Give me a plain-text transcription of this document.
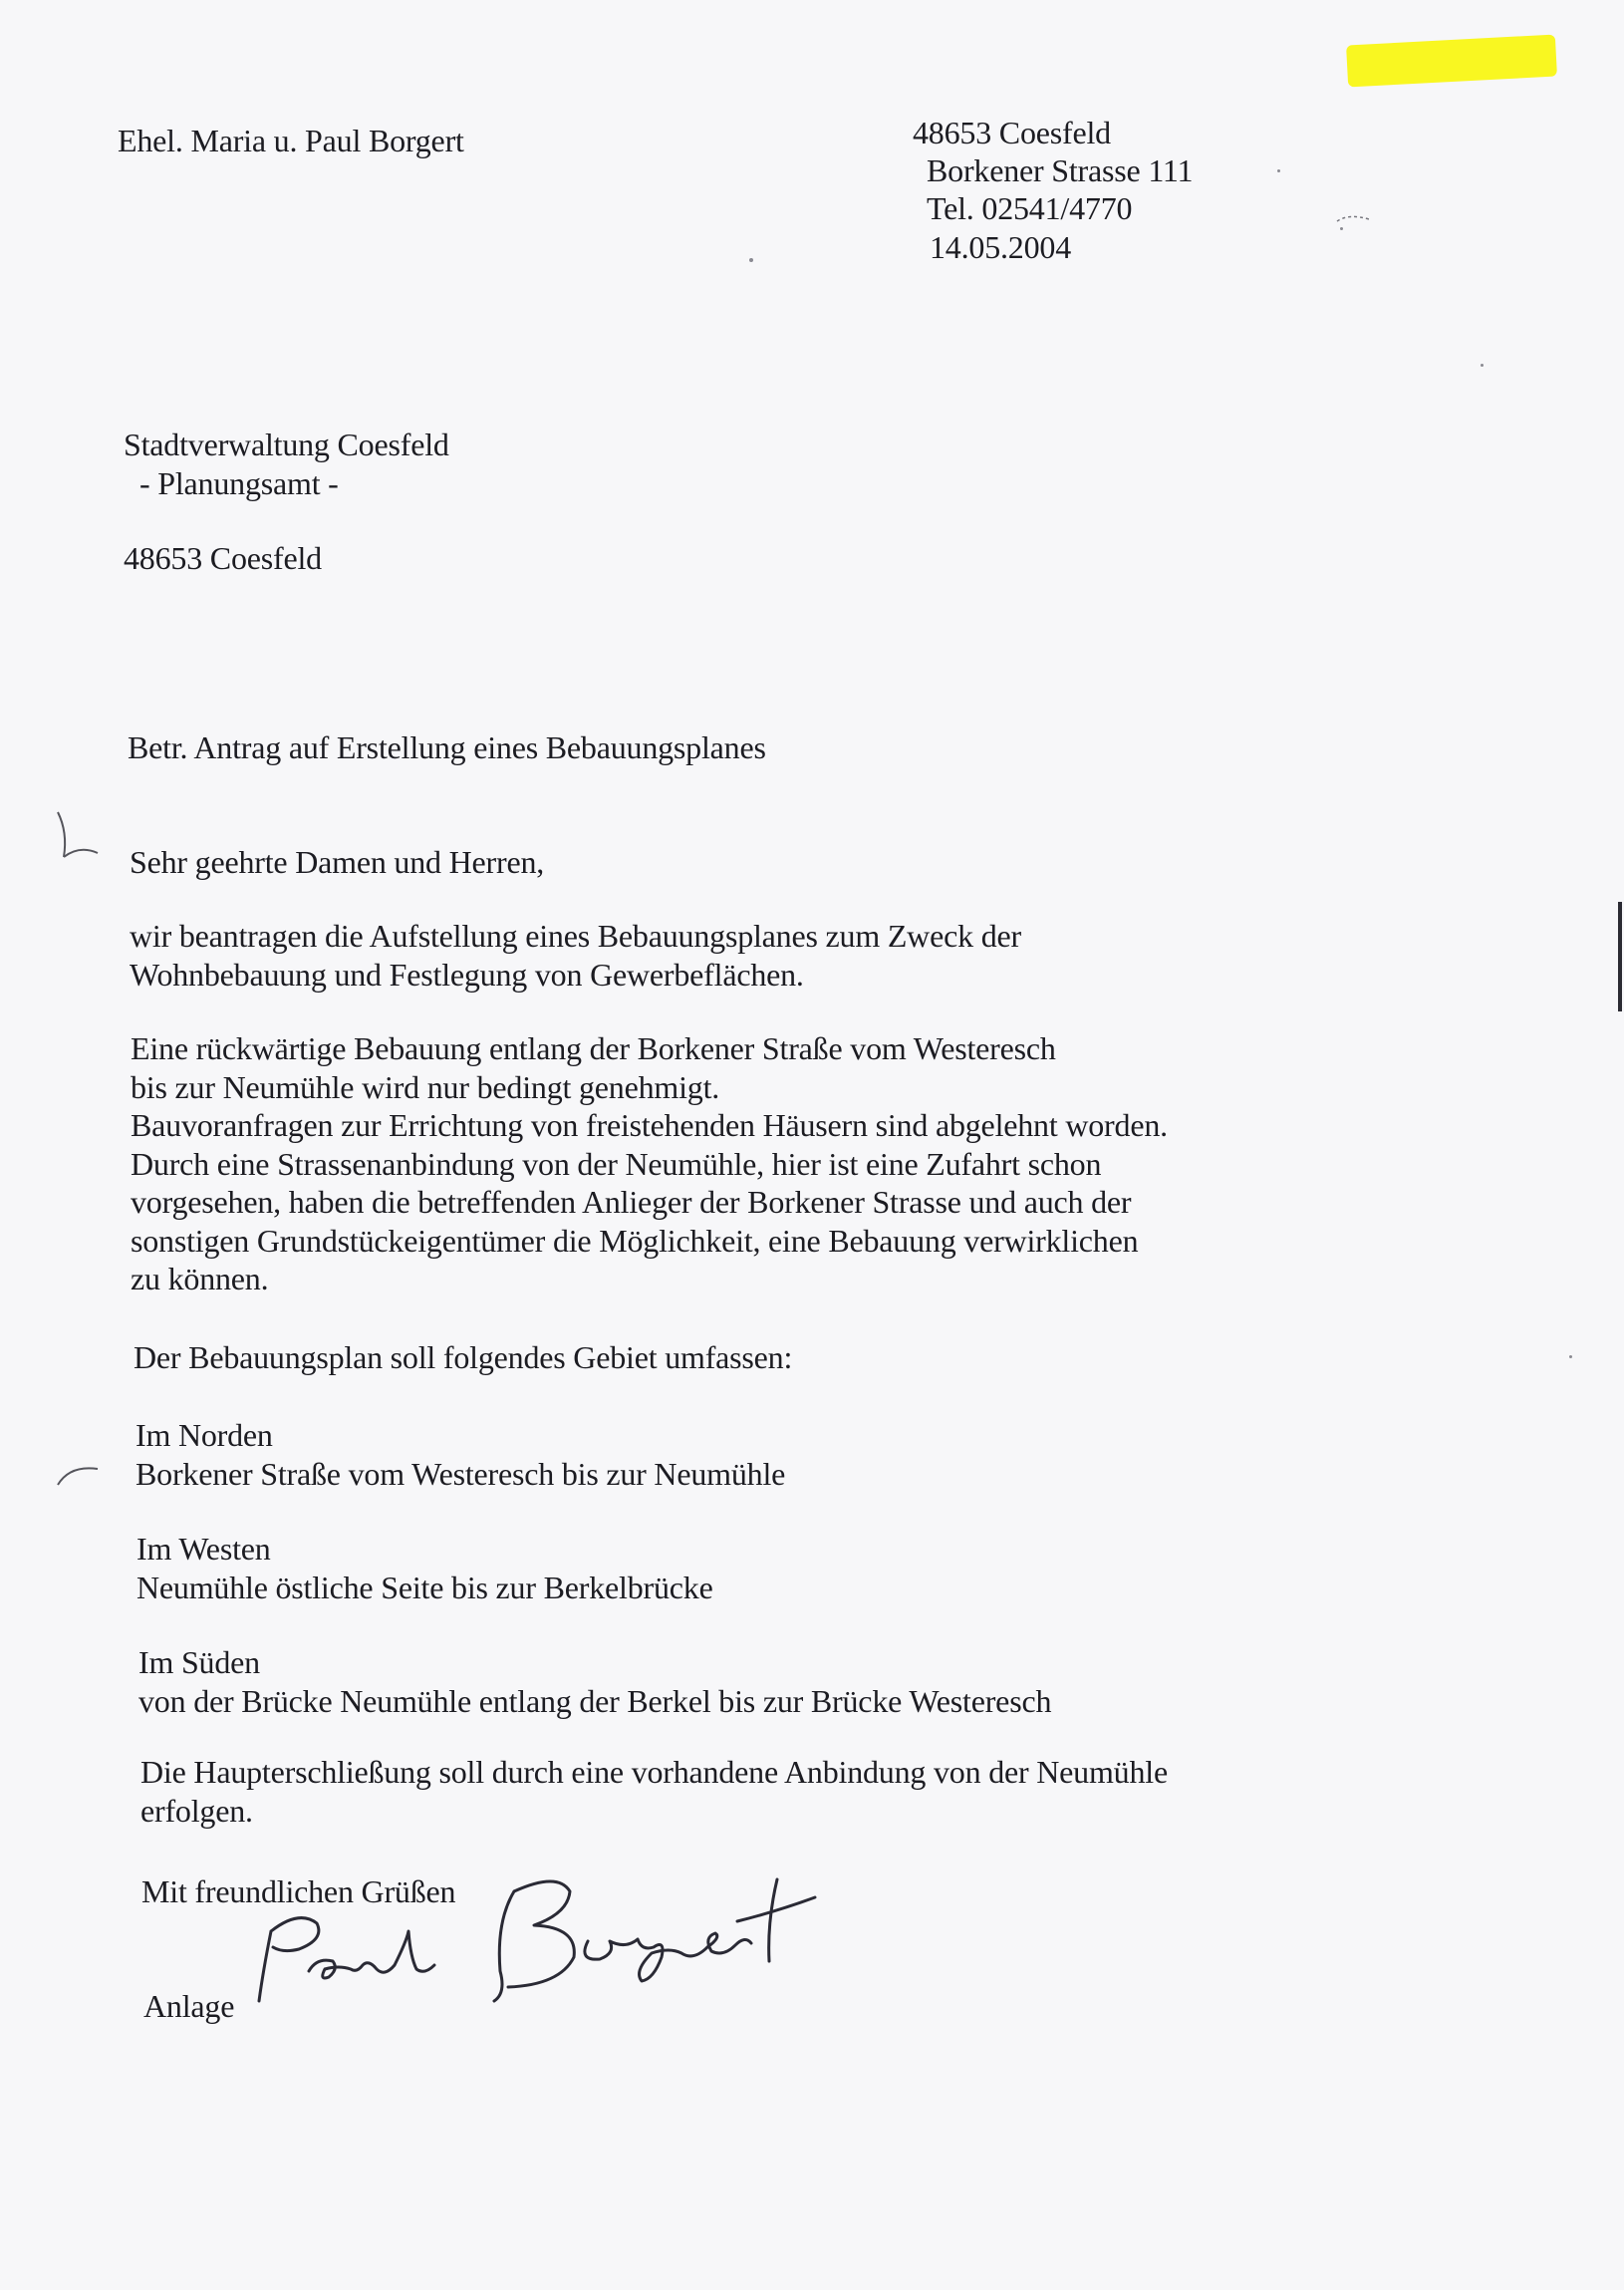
Ehel. Maria u. Paul Borgert	48653 Coesfeld
Borkener Strasse 111
Tel. 02541/4770
14.05.2004
Stadtverwaltung Coesfeld
- Planungsamt -
48653 Coesfeld
Betr. Antrag auf Erstellung eines Bebauungsplanes
Sehr geehrte Damen und Herren,
wir beantragen die Aufstellung eines Bebauungsplanes zum Zweck der
Wohnbebauung und Festlegung von Gewerbeflächen.
Eine rückwärtige Bebauung entlang der Borkener Straße vom Westeresch
bis zur Neumühle wird nur bedingt genehmigt.
Bauvoranfragen zur Errichtung von freistehenden Häusern sind abgelehnt worden.
Durch eine Strassenanbindung von der Neumühle, hier ist eine Zufahrt schon
vorgesehen, haben die betreffenden Anlieger der Borkener Strasse und auch der
sonstigen Grundstückeigentümer die Möglichkeit, eine Bebauung verwirklichen
zu können.
Der Bebauungsplan soll folgendes Gebiet umfassen:
Im Norden
Borkener Straße vom Westeresch bis zur Neumühle
Im Westen
Neumühle östliche Seite bis zur Berkelbrücke
Im Süden
von der Brücke Neumühle entlang der Berkel bis zur Brücke Westeresch
Die Haupterschließung soll durch eine vorhandene Anbindung von der Neumühle
erfolgen.
Mit freundlichen Grüßen
Anlage
